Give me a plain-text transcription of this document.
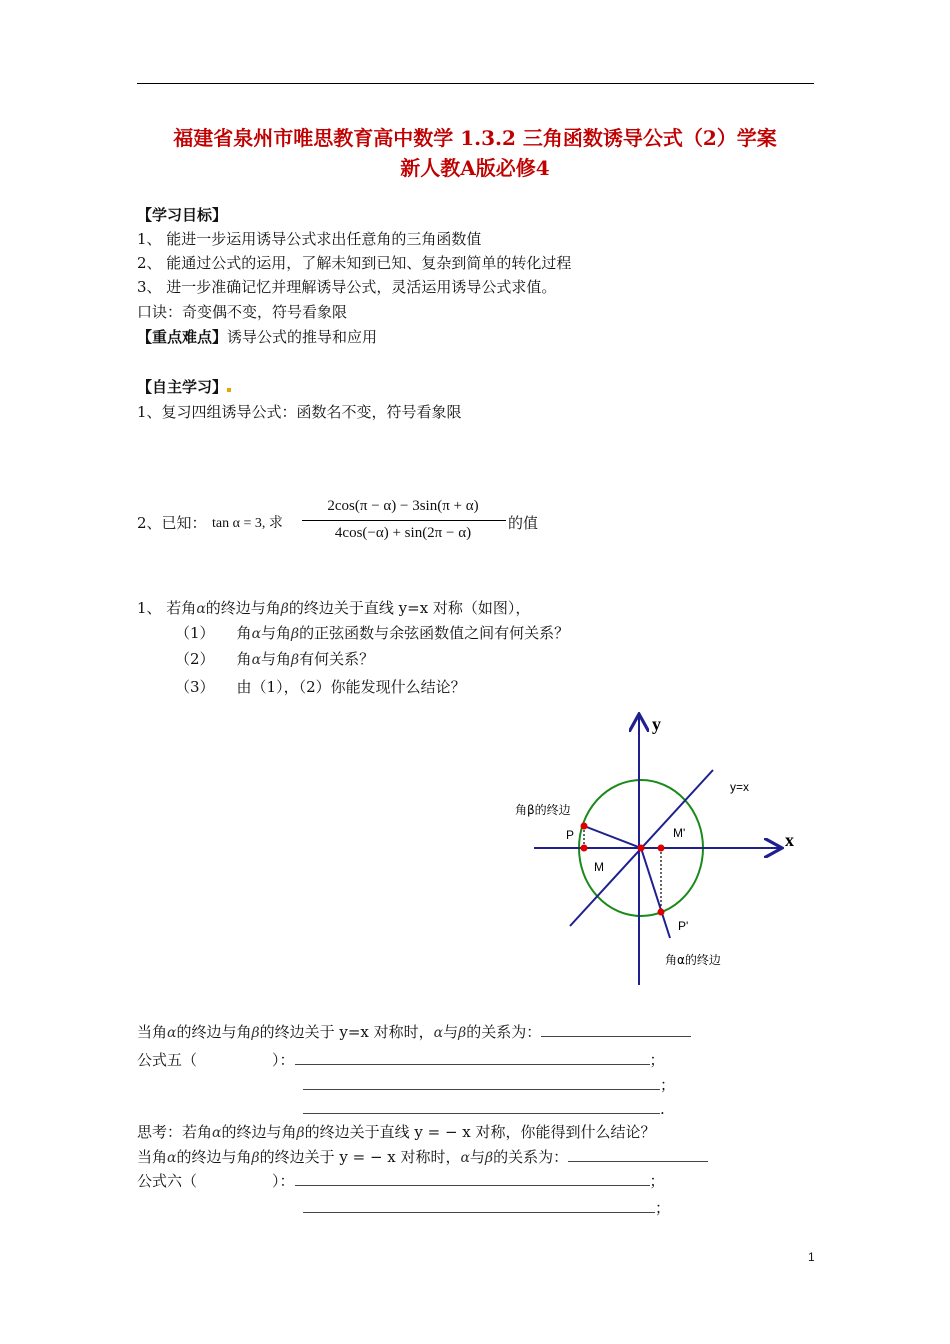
福建省泉州市唯思教育高中数学 1.3.2 三角函数诱导公式（2）学案
新人教A版必修4
【学习目标】
1、 能进一步运用诱导公式求出任意角的三角函数值
2、 能通过公式的运用，了解未知到已知、复杂到简单的转化过程
3、 进一步准确记忆并理解诱导公式，灵活运用诱导公式求值。
口诀：奇变偶不变，符号看象限
【重点难点】诱导公式的推导和应用
【自主学习】
1、复习四组诱导公式：函数名不变，符号看象限
2、已知： tan α = 3, 求
2cos(π − α) − 3sin(π + α)
4cos(−α) + sin(2π − α)
的值
1、 若角α的终边与角β的终边关于直线 y=x 对称（如图），
（1） 角α与角β的正弦函数与余弦函数值之间有何关系？
（2） 角α与角β有何关系？
（3） 由（1），（2）你能发现什么结论？
y
x
y=x
角β的终边
P
M
M'
P'
角α的终边
当角α的终边与角β的终边关于 y=x 对称时，α与β的关系为：
公式五（	）：	；
；
.
思考：若角α的终边与角β的终边关于直线 y = − x 对称，你能得到什么结论？
当角α的终边与角β的终边关于 y = − x 对称时，α与β的关系为：
公式六（	）：	；
；
1
